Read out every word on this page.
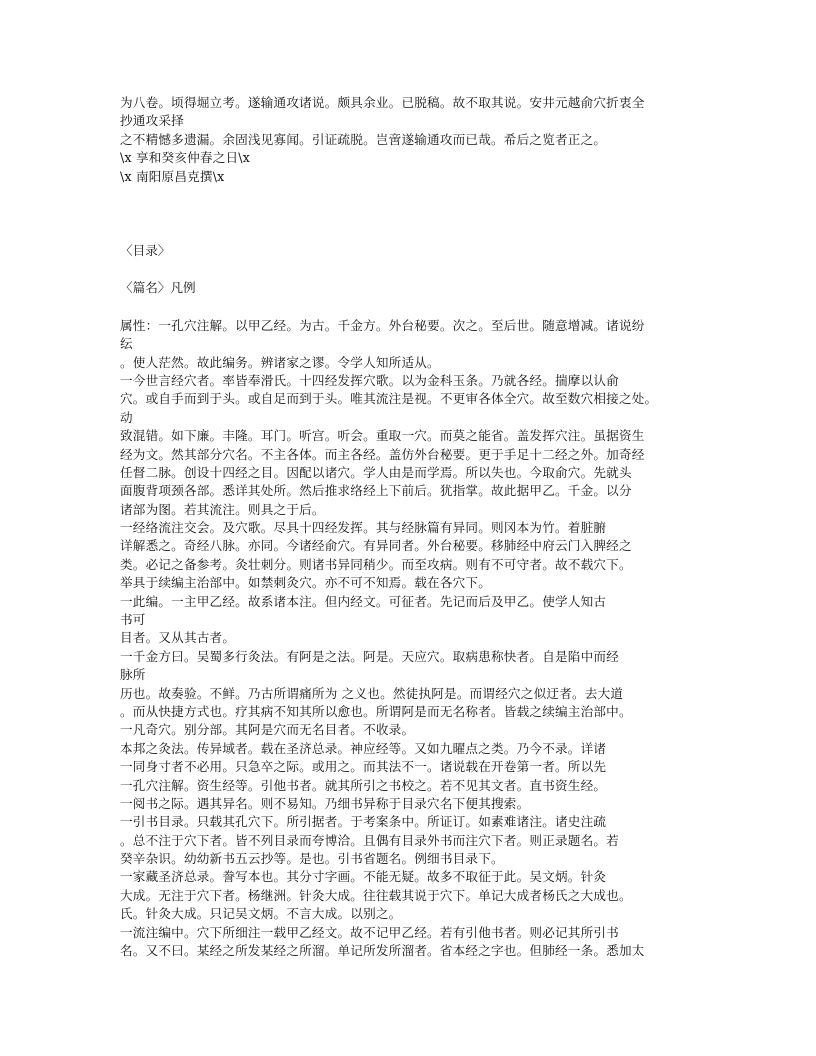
为八卷。顷得堀立考。遂输通攻诸说。颇具余业。已脱稿。故不取其说。安井元越俞穴折衷全
抄通攻采择
之不精憾多遗漏。余固浅见寡闻。引证疏脱。岂啻遂输通攻而已哉。希后之览者正之。
\x 享和癸亥仲春之日\x
\x 南阳原昌克撰\x
〈目录〉
〈篇名〉凡例
属性：一孔穴注解。以甲乙经。为古。千金方。外台秘要。次之。至后世。随意增减。诸说纷
纭
。使人茫然。故此编务。辨诸家之谬。令学人知所适从。
一今世言经穴者。率皆奉滑氏。十四经发挥穴歌。以为金科玉条。乃就各经。揣摩以认俞
穴。或自手而到于头。或自足而到于头。唯其流注是视。不更审各体全穴。故至数穴相接之处。
动
致混错。如下廉。丰隆。耳门。听宫。听会。重取一穴。而莫之能省。盖发挥穴注。虽据资生
经为文。然其部分穴名。不主各体。而主各经。盖仿外台秘要。更于手足十二经之外。加奇经
任督二脉。创设十四经之目。因配以诸穴。学人由是而学焉。所以失也。今取俞穴。先就头
面腹背项颈各部。悉详其处所。然后推求络经上下前后。犹指掌。故此据甲乙。千金。以分
诸部为图。若其流注。则具之于后。
一经络流注交会。及穴歌。尽具十四经发挥。其与经脉篇有异同。则冈本为竹。着脏腑
详解悉之。奇经八脉。亦同。今诸经俞穴。有异同者。外台秘要。移肺经中府云门入脾经之
类。必记之备参考。灸壮刺分。则诸书异同稍少。而至攻病。则有不可守者。故不载穴下。
举具于续编主治部中。如禁刺灸穴。亦不可不知焉。载在各穴下。
一此编。一主甲乙经。故系诸本注。但内经文。可征者。先记而后及甲乙。使学人知古
书可
目者。又从其古者。
一千金方曰。吴蜀多行灸法。有阿是之法。阿是。天应穴。取病患称快者。自是陷中而经
脉所
历也。故奏验。不鲜。乃古所谓痛所为 之义也。然徒执阿是。而谓经穴之似迂者。去大道
。而从快捷方式也。疗其病不知其所以愈也。所谓阿是而无名称者。皆载之续编主治部中。
一凡奇穴。别分部。其阿是穴而无名目者。不收录。
本邦之灸法。传异域者。载在圣济总录。神应经等。又如九曜点之类。乃今不录。详诸
一同身寸者不必用。只急卒之际。或用之。而其法不一。诸说载在开卷第一者。所以先
一孔穴注解。资生经等。引他书者。就其所引之书校之。若不见其文者。直书资生经。
一阅书之际。遇其异名。则不易知。乃细书异称于目录穴名下便其搜索。
一引书目录。只载其孔穴下。所引据者。于考案条中。所证订。如素难诸注。诸史注疏
。总不注于穴下者。皆不列目录而夸博洽。且偶有目录外书而注穴下者。则正录题名。若
癸辛杂识。幼幼新书五云抄等。是也。引书省题名。例细书目录下。
一家藏圣济总录。誊写本也。其分寸字画。不能无疑。故多不取征于此。吴文炳。针灸
大成。无注于穴下者。杨继洲。针灸大成。往往载其说于穴下。单记大成者杨氏之大成也。
氏。针灸大成。只记吴文炳。不言大成。以别之。
一流注编中。穴下所细注一载甲乙经文。故不记甲乙经。若有引他书者。则必记其所引书
名。又不曰。某经之所发某经之所溜。单记所发所溜者。省本经之字也。但肺经一条。悉加太
